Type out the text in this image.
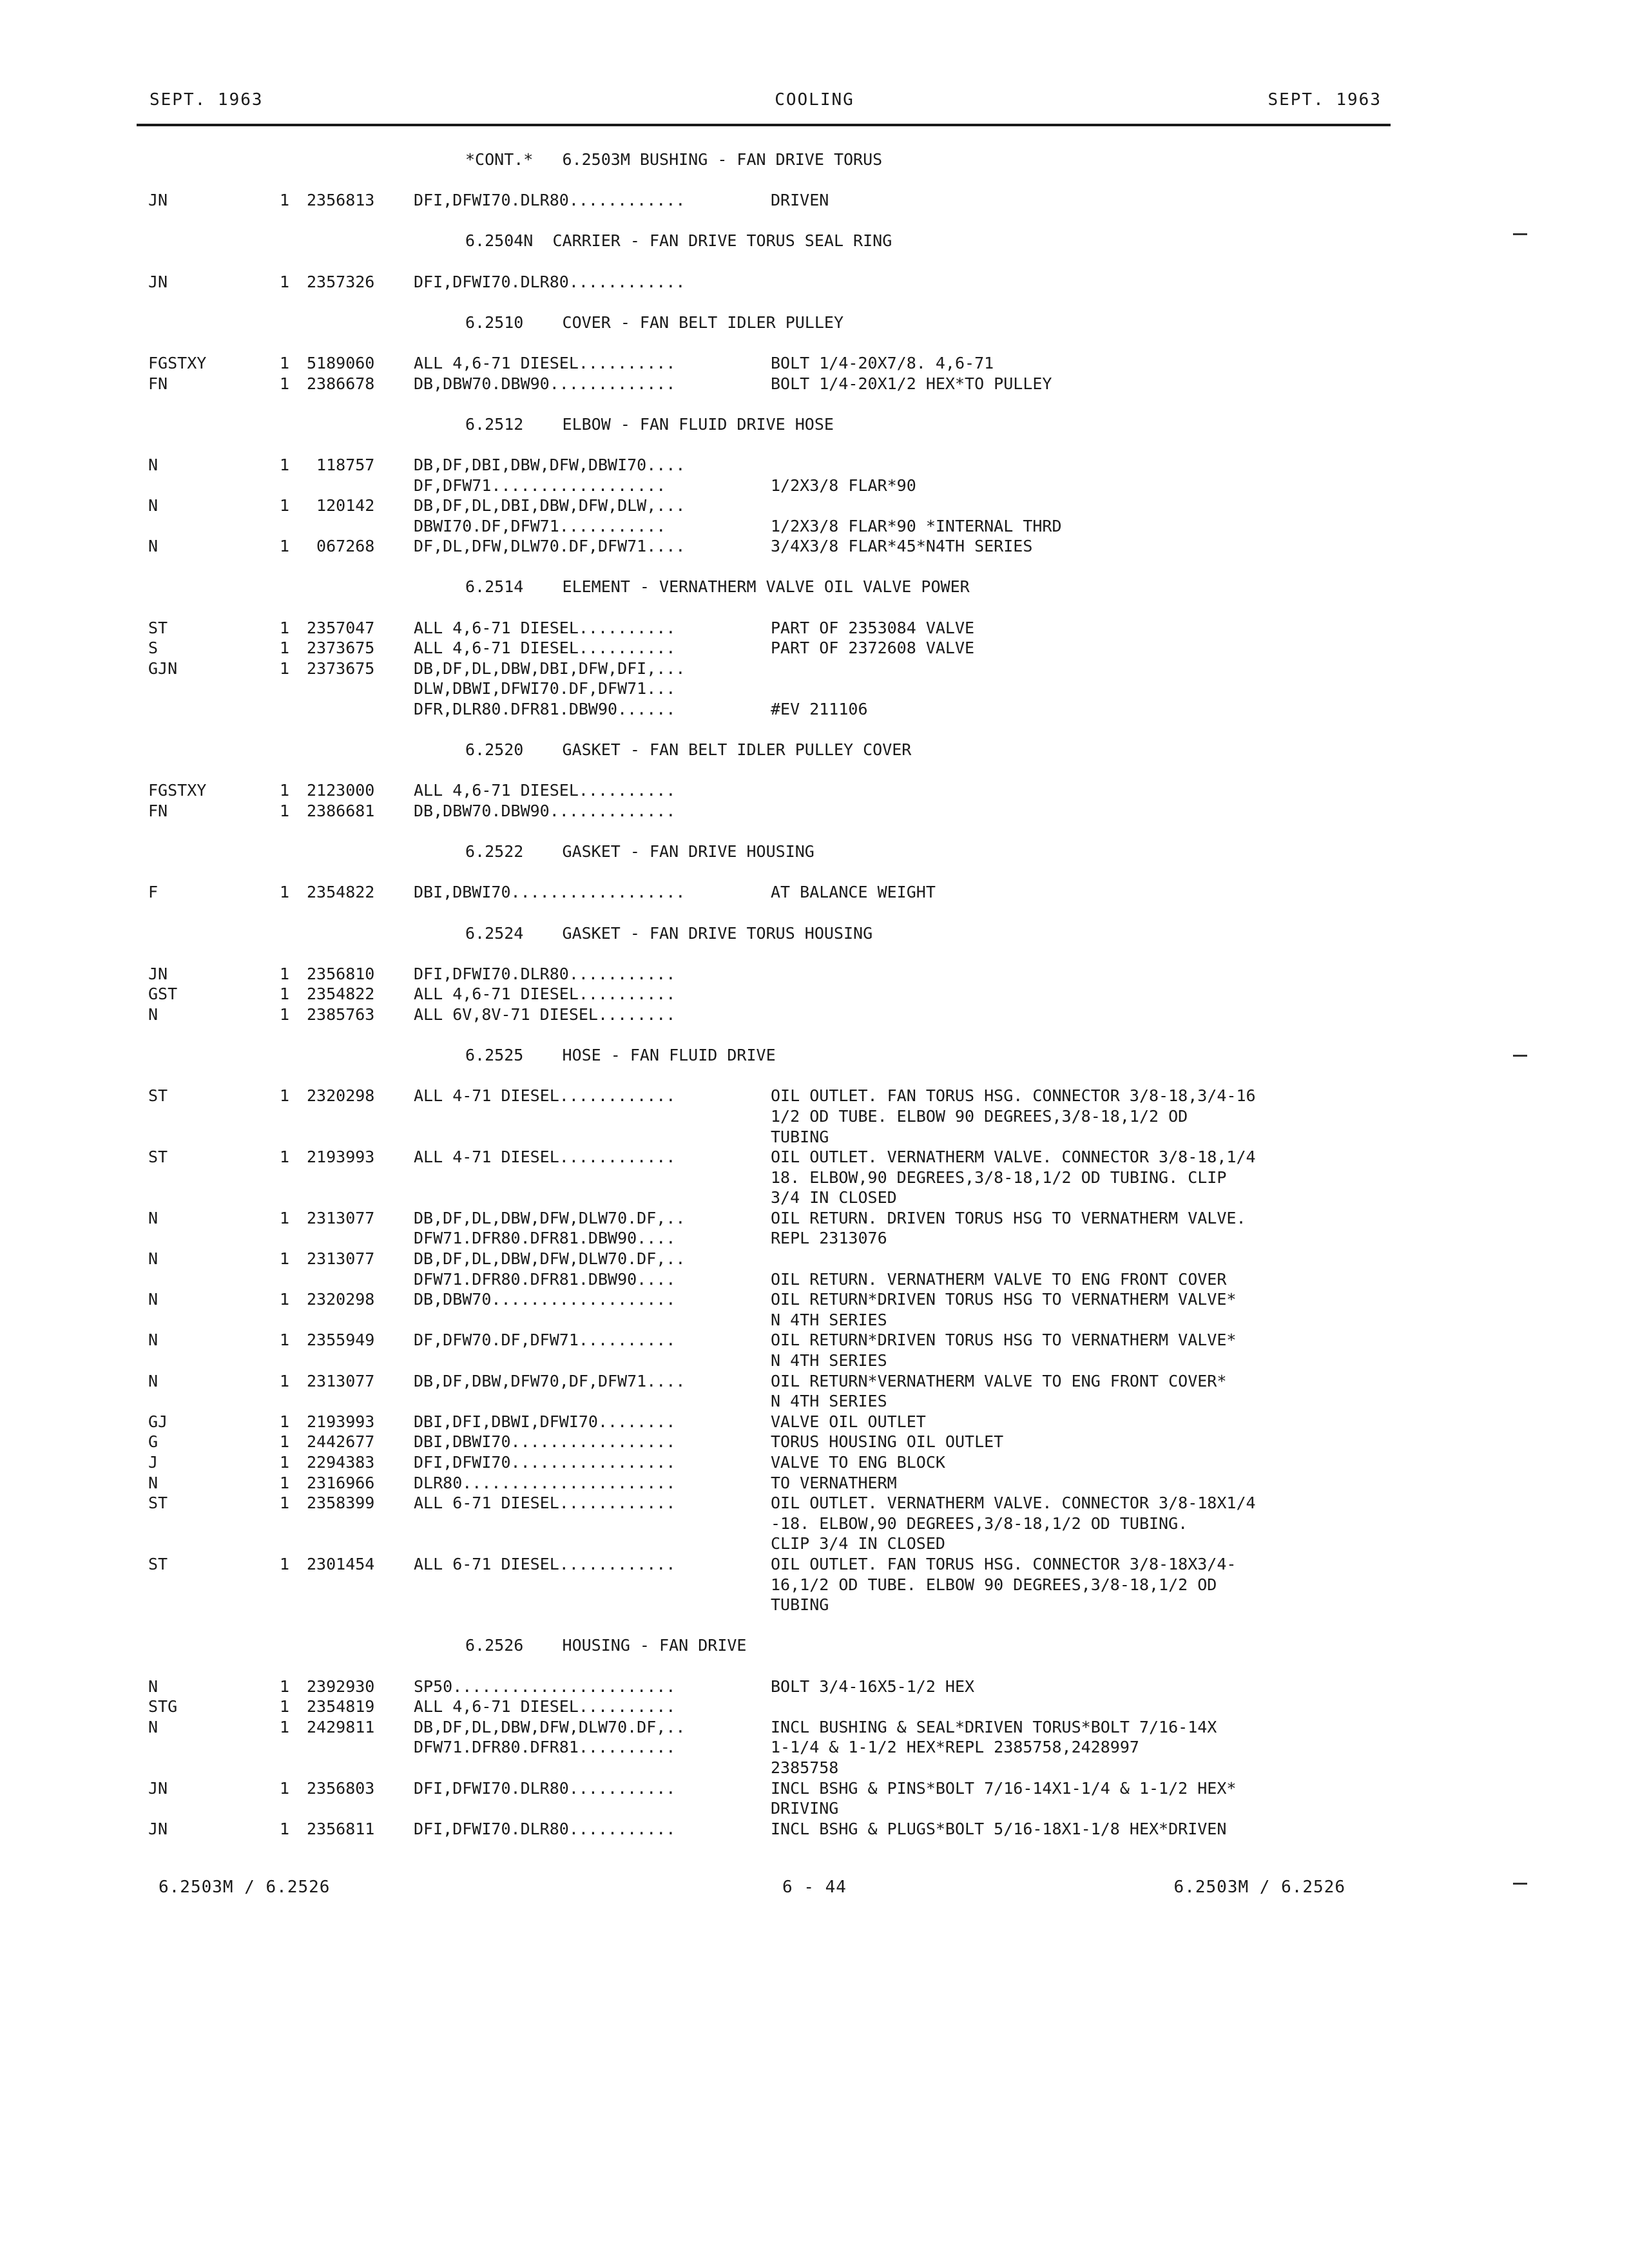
SEPT. 1963	COOLING	SEPT. 1963
*CONT.*   6.2503M BUSHING - FAN DRIVE TORUS
JN	1 2356813 DFI,DFWI70.DLR80............	DRIVEN
6.2504N  CARRIER - FAN DRIVE TORUS SEAL RING
JN	1 2357326 DFI,DFWI70.DLR80............
6.2510    COVER - FAN BELT IDLER PULLEY
FGSTXY	1 5189060 ALL 4,6-71 DIESEL..........	BOLT 1/4-20X7/8. 4,6-71
FN	1 2386678 DB,DBW70.DBW90.............	BOLT 1/4-20X1/2 HEX*TO PULLEY
6.2512    ELBOW - FAN FLUID DRIVE HOSE
N	1 118757 DB,DF,DBI,DBW,DFW,DBWI70....
DF,DFW71..................	1/2X3/8 FLAR*90
N	1 120142 DB,DF,DL,DBI,DBW,DFW,DLW,...
DBWI70.DF,DFW71...........	1/2X3/8 FLAR*90 *INTERNAL THRD
N	1 067268 DF,DL,DFW,DLW70.DF,DFW71....	3/4X3/8 FLAR*45*N4TH SERIES
6.2514    ELEMENT - VERNATHERM VALVE OIL VALVE POWER
ST	1 2357047 ALL 4,6-71 DIESEL..........	PART OF 2353084 VALVE
S	1 2373675 ALL 4,6-71 DIESEL..........	PART OF 2372608 VALVE
GJN	1 2373675 DB,DF,DL,DBW,DBI,DFW,DFI,...
DLW,DBWI,DFWI70.DF,DFW71...
DFR,DLR80.DFR81.DBW90......	#EV 211106
6.2520    GASKET - FAN BELT IDLER PULLEY COVER
FGSTXY	1 2123000 ALL 4,6-71 DIESEL..........
FN	1 2386681 DB,DBW70.DBW90.............
6.2522    GASKET - FAN DRIVE HOUSING
F	1 2354822 DBI,DBWI70..................	AT BALANCE WEIGHT
6.2524    GASKET - FAN DRIVE TORUS HOUSING
JN	1 2356810 DFI,DFWI70.DLR80...........
GST	1 2354822 ALL 4,6-71 DIESEL..........
N	1 2385763 ALL 6V,8V-71 DIESEL........
6.2525    HOSE - FAN FLUID DRIVE
ST	1 2320298 ALL 4-71 DIESEL............	OIL OUTLET. FAN TORUS HSG. CONNECTOR 3/8-18,3/4-16
1/2 OD TUBE. ELBOW 90 DEGREES,3/8-18,1/2 OD
TUBING
ST	1 2193993 ALL 4-71 DIESEL............	OIL OUTLET. VERNATHERM VALVE. CONNECTOR 3/8-18,1/4
18. ELBOW,90 DEGREES,3/8-18,1/2 OD TUBING. CLIP
3/4 IN CLOSED
N	1 2313077 DB,DF,DL,DBW,DFW,DLW70.DF,..	OIL RETURN. DRIVEN TORUS HSG TO VERNATHERM VALVE.
DFW71.DFR80.DFR81.DBW90....	REPL 2313076
N	1 2313077 DB,DF,DL,DBW,DFW,DLW70.DF,..
DFW71.DFR80.DFR81.DBW90....	OIL RETURN. VERNATHERM VALVE TO ENG FRONT COVER
N	1 2320298 DB,DBW70...................	OIL RETURN*DRIVEN TORUS HSG TO VERNATHERM VALVE*
N 4TH SERIES
N	1 2355949 DF,DFW70.DF,DFW71..........	OIL RETURN*DRIVEN TORUS HSG TO VERNATHERM VALVE*
N 4TH SERIES
N	1 2313077 DB,DF,DBW,DFW70,DF,DFW71....	OIL RETURN*VERNATHERM VALVE TO ENG FRONT COVER*
N 4TH SERIES
GJ	1 2193993 DBI,DFI,DBWI,DFWI70........	VALVE OIL OUTLET
G	1 2442677 DBI,DBWI70.................	TORUS HOUSING OIL OUTLET
J	1 2294383 DFI,DFWI70.................	VALVE TO ENG BLOCK
N	1 2316966 DLR80......................	TO VERNATHERM
ST	1 2358399 ALL 6-71 DIESEL............	OIL OUTLET. VERNATHERM VALVE. CONNECTOR 3/8-18X1/4
-18. ELBOW,90 DEGREES,3/8-18,1/2 OD TUBING.
CLIP 3/4 IN CLOSED
ST	1 2301454 ALL 6-71 DIESEL............	OIL OUTLET. FAN TORUS HSG. CONNECTOR 3/8-18X3/4-
16,1/2 OD TUBE. ELBOW 90 DEGREES,3/8-18,1/2 OD
TUBING
6.2526    HOUSING - FAN DRIVE
N	1 2392930 SP50.......................	BOLT 3/4-16X5-1/2 HEX
STG	1 2354819 ALL 4,6-71 DIESEL..........
N	1 2429811 DB,DF,DL,DBW,DFW,DLW70.DF,..	INCL BUSHING & SEAL*DRIVEN TORUS*BOLT 7/16-14X
DFW71.DFR80.DFR81..........	1-1/4 & 1-1/2 HEX*REPL 2385758,2428997
2385758
JN	1 2356803 DFI,DFWI70.DLR80...........	INCL BSHG & PINS*BOLT 7/16-14X1-1/4 & 1-1/2 HEX*
DRIVING
JN	1 2356811 DFI,DFWI70.DLR80...........	INCL BSHG & PLUGS*BOLT 5/16-18X1-1/8 HEX*DRIVEN
6.2503M / 6.2526	6 - 44	6.2503M / 6.2526
